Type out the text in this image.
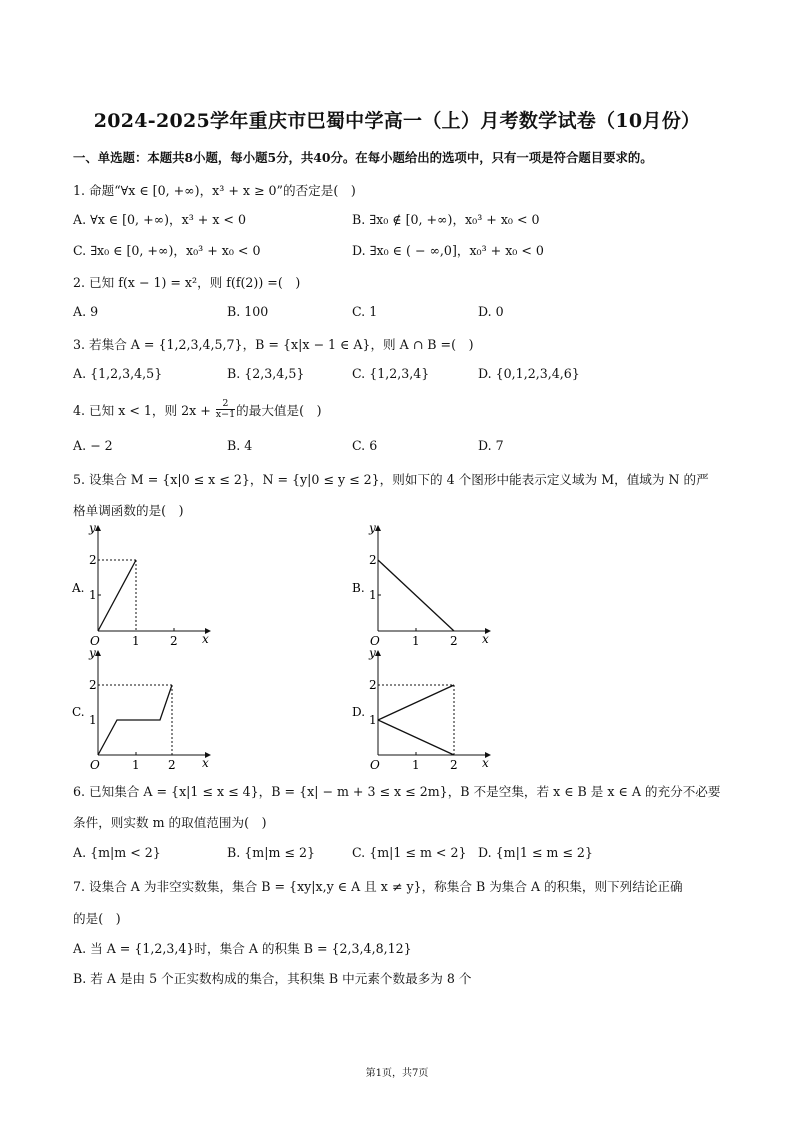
2024-2025学年重庆市巴蜀中学高一（上）月考数学试卷（10月份）
一、单选题：本题共8小题，每小题5分，共40分。在每小题给出的选项中，只有一项是符合题目要求的。
1. 命题“∀x ∈ [0, +∞)，x³ + x ≥ 0”的否定是(　)
A. ∀x ∈ [0, +∞)，x³ + x < 0	B. ∃x₀ ∉ [0, +∞)，x₀³ + x₀ < 0
C. ∃x₀ ∈ [0, +∞)，x₀³ + x₀ < 0	D. ∃x₀ ∈ ( − ∞,0]，x₀³ + x₀ < 0
2. 已知 f(x − 1) = x²，则 f(f(2)) =(　)
A. 9	B. 100	C. 1	D. 0
3. 若集合 A = {1,2,3,4,5,7}，B = {x|x − 1 ∈ A}，则 A ∩ B =(　)
A. {1,2,3,4,5}	B. {2,3,4,5}	C. {1,2,3,4}	D. {0,1,2,3,4,6}
4. 已知 x < 1，则 $2x + \frac{2}{x-1}$ 的最大值是(　)
A. − 2	B. 4	C. 6	D. 7
5. 设集合 M = {x|0 ≤ x ≤ 2}，N = {y|0 ≤ y ≤ 2}，则如下的 4 个图形中能表示定义域为 M，值域为 N 的严
格单调函数的是(　)
y
2
1
O	1	2 x
A.
y
2
1
O	1	2 x
B.
y
2
1
O	1 2 x
C.
y
2
1
O	1	2 x
D.
6. 已知集合 A = {x|1 ≤ x ≤ 4}，B = {x| − m + 3 ≤ x ≤ 2m}，B 不是空集，若 x ∈ B 是 x ∈ A 的充分不必要
条件，则实数 m 的取值范围为(　)
A. {m|m < 2}	B. {m|m ≤ 2}	C. {m|1 ≤ m < 2} D. {m|1 ≤ m ≤ 2}
7. 设集合 A 为非空实数集，集合 B = {xy|x,y ∈ A 且 x ≠ y}，称集合 B 为集合 A 的积集，则下列结论正确
的是(　)
A. 当 A = {1,2,3,4}时，集合 A 的积集 B = {2,3,4,8,12}
B. 若 A 是由 5 个正实数构成的集合，其积集 B 中元素个数最多为 8 个
第1页，共7页
